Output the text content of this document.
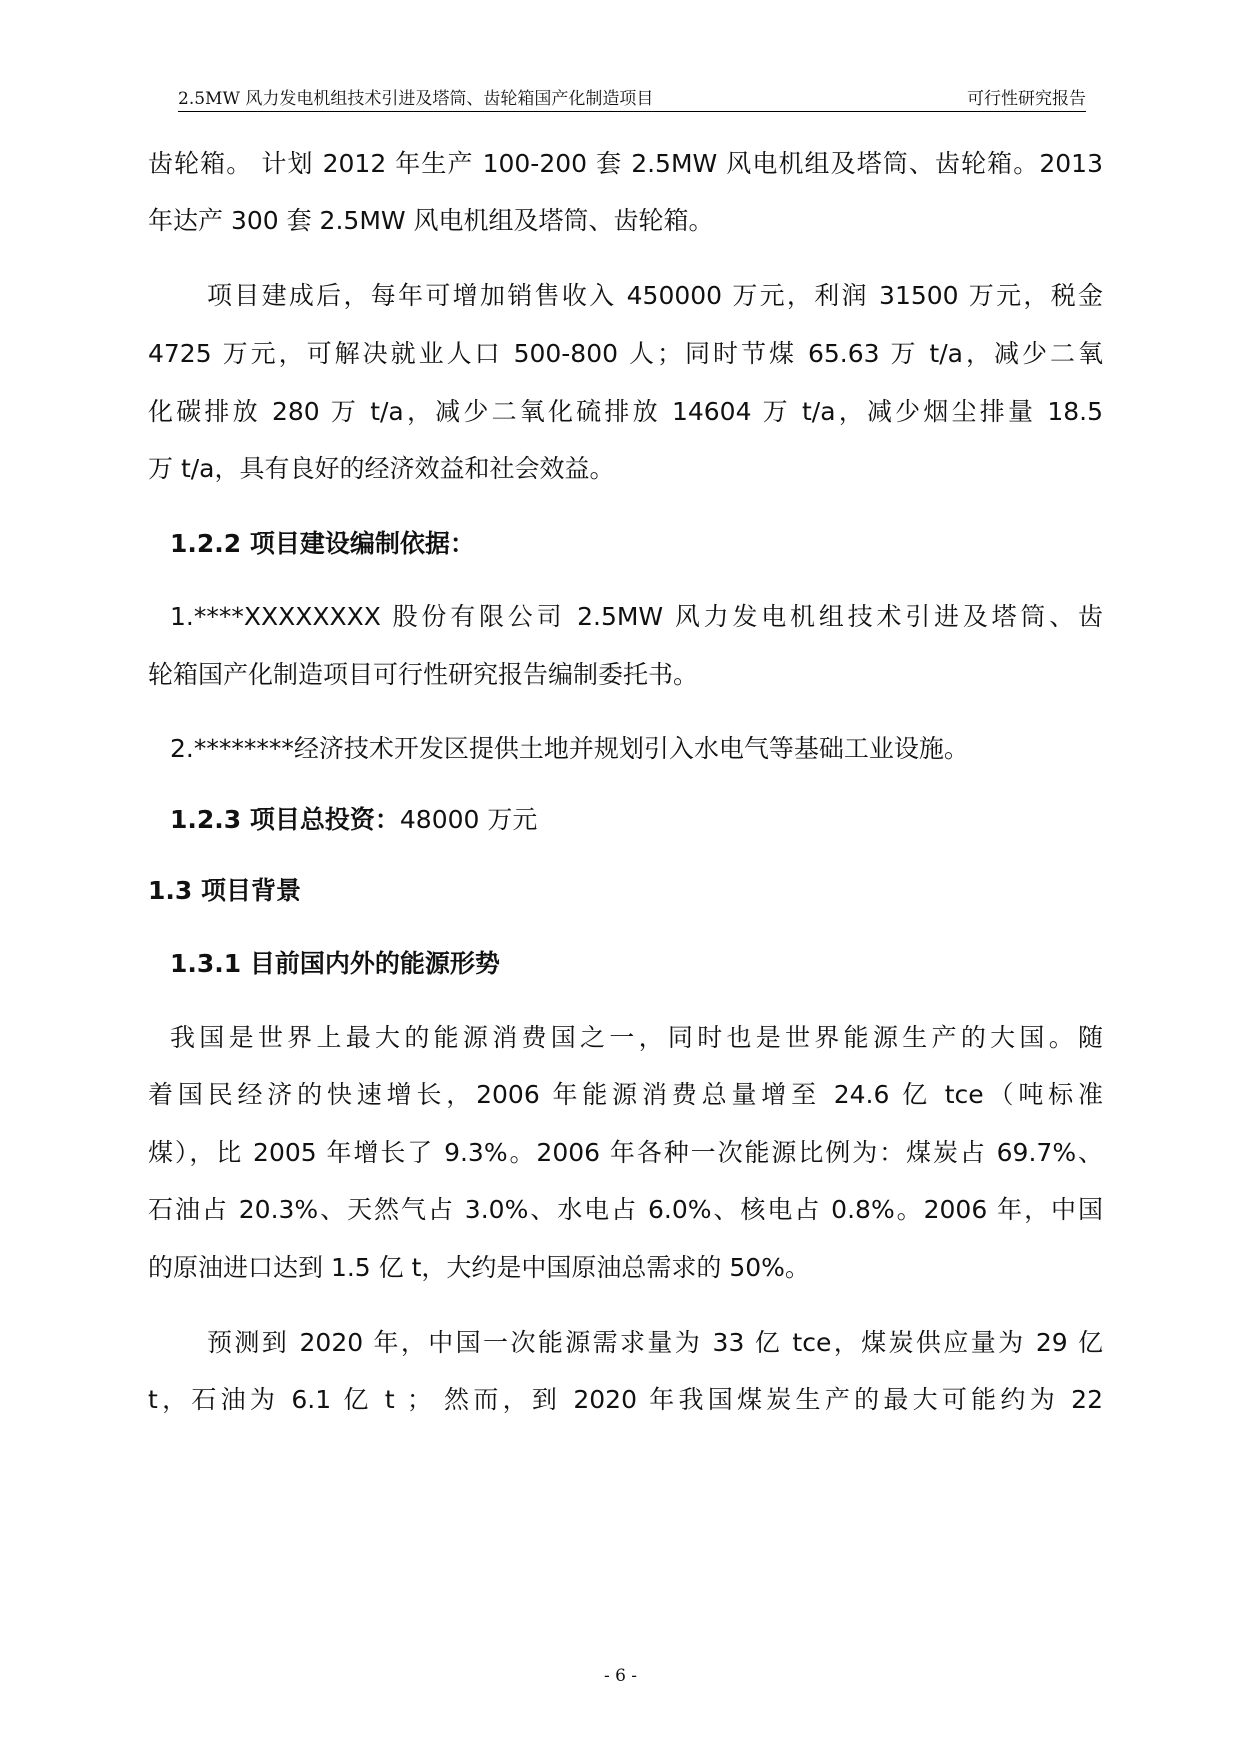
2.5MW 风力发电机组技术引进及塔筒、齿轮箱国产化制造项目	可行性研究报告
齿轮箱。 计划 2012 年生产 100-200 套 2.5MW 风电机组及塔筒、齿轮箱。2013
年达产 300 套 2.5MW 风电机组及塔筒、齿轮箱。
项目建成后，每年可增加销售收入 450000 万元，利润 31500 万元，税金
4725 万元，可解决就业人口 500-800 人；同时节煤 65.63 万 t/a，减少二氧
化碳排放 280 万 t/a，减少二氧化硫排放 14604 万 t/a，减少烟尘排量 18.5
万 t/a，具有良好的经济效益和社会效益。
1.2.2 项目建设编制依据：
1.****XXXXXXXX 股份有限公司 2.5MW 风力发电机组技术引进及塔筒、齿
轮箱国产化制造项目可行性研究报告编制委托书。
2.********经济技术开发区提供土地并规划引入水电气等基础工业设施。
1.2.3 项目总投资：48000 万元
1.3 项目背景
1.3.1 目前国内外的能源形势
我国是世界上最大的能源消费国之一，同时也是世界能源生产的大国。随
着国民经济的快速增长，2006 年能源消费总量增至 24.6 亿 tce（吨标准
煤），比 2005 年增长了 9.3%。2006 年各种一次能源比例为：煤炭占 69.7%、
石油占 20.3%、天然气占 3.0%、水电占 6.0%、核电占 0.8%。2006 年，中国
的原油进口达到 1.5 亿 t，大约是中国原油总需求的 50%。
预测到 2020 年，中国一次能源需求量为 33 亿 tce，煤炭供应量为 29 亿
t，石油为 6.1 亿 t ； 然而，到 2020 年我国煤炭生产的最大可能约为 22
- 6 -
